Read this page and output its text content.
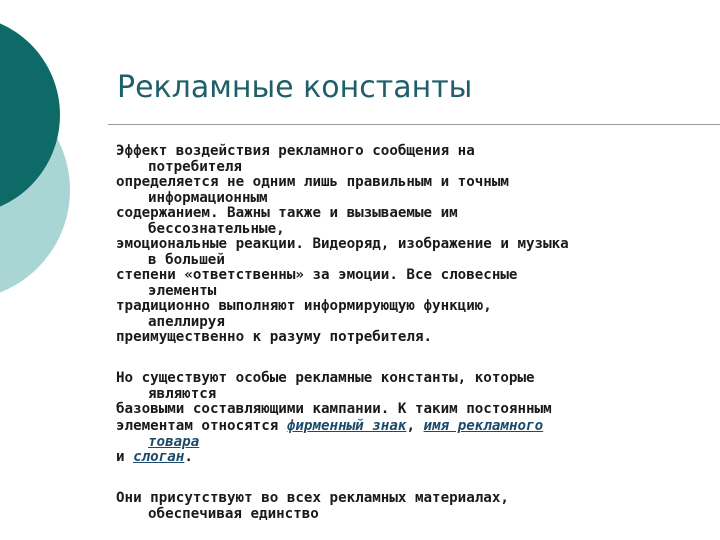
Рекламные константы
Эффект воздействия рекламного сообщения на
потребителя
определяется не одним лишь правильным и точным
информационным
содержанием. Важны также и вызываемые им
бессознательные,
эмоциональные реакции. Видеоряд, изображение и музыка
в большей
степени «ответственны» за эмоции. Все словесные
элементы
традиционно выполняют информирующую функцию,
апеллируя
преимущественно к разуму потребителя.
Но существуют особые рекламные константы, которые
являются
базовыми составляющими кампании. К таким постоянным
элементам относятся фирменный знак, имя рекламного
товара
и слоган.
Они присутствуют во всех рекламных материалах,
обеспечивая единство
